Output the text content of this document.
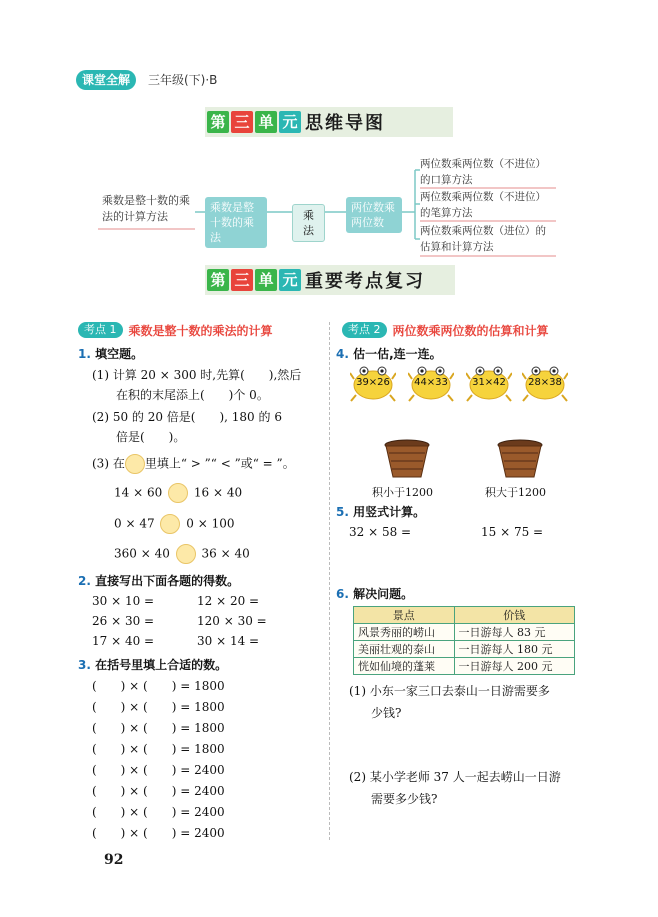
课堂全解	三年级(下)·B
第 三 单 元 思维导图
乘数是整十数的乘法的计算方法
乘数是整十数的乘法
乘法
两位数乘两位数
两位数乘两位数（不进位）的口算方法
两位数乘两位数（不进位）的笔算方法
两位数乘两位数（进位）的估算和计算方法
第 三 单 元 重要考点复习
考点 1	乘数是整十数的乘法的计算
1. 填空题。
(1) 计算 20 × 300 时,先算(　　),然后
在积的末尾添上(　　)个 0。
(2) 50 的 20 倍是(　　), 180 的 6
倍是(　　)。
(3) 在 里填上“ > ”“ < ”或“ = ”。
14 × 60	16 × 40
0 × 47	0 × 100
360 × 40	36 × 40
2. 直接写出下面各题的得数。
30 × 10 =	12 × 20 =
26 × 30 =	120 × 30 =
17 × 40 =	30 × 14 =
3. 在括号里填上合适的数。
(　　) × (　　) = 1800
(　　) × (　　) = 1800
(　　) × (　　) = 1800
(　　) × (　　) = 1800
(　　) × (　　) = 2400
(　　) × (　　) = 2400
(　　) × (　　) = 2400
(　　) × (　　) = 2400
考点 2	两位数乘两位数的估算和计算
4. 估一估,连一连。
39×26	44×33	31×42	28×38
积小于1200	积大于1200
5. 用竖式计算。
32 × 58 =	15 × 75 =
6. 解决问题。
景点	价钱
风景秀丽的崂山	一日游每人 83 元
美丽壮观的泰山	一日游每人 180 元
恍如仙境的蓬莱	一日游每人 200 元
(1) 小东一家三口去泰山一日游需要多
少钱?
(2) 某小学老师 37 人一起去崂山一日游
需要多少钱?
92
